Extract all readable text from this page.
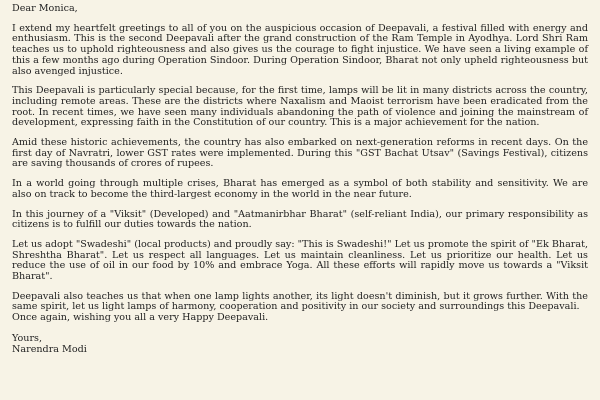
Dear Monica,

I extend my heartfelt greetings to all of you on the auspicious occasion of Deepavali, a festival filled with energy and enthusiasm. This is the second Deepavali after the grand construction of the Ram Temple in Ayodhya. Lord Shri Ram teaches us to uphold righteousness and also gives us the courage to fight injustice. We have seen a living example of this a few months ago during Operation Sindoor. During Operation Sindoor, Bharat not only upheld righteousness but also avenged injustice.

This Deepavali is particularly special because, for the first time, lamps will be lit in many districts across the country, including remote areas. These are the districts where Naxalism and Maoist terrorism have been eradicated from the root. In recent times, we have seen many individuals abandoning the path of violence and joining the mainstream of development, expressing faith in the Constitution of our country. This is a major achievement for the nation.

Amid these historic achievements, the country has also embarked on next-generation reforms in recent days. On the first day of Navratri, lower GST rates were implemented. During this "GST Bachat Utsav" (Savings Festival), citizens are saving thousands of crores of rupees.

In a world going through multiple crises, Bharat has emerged as a symbol of both stability and sensitivity. We are also on track to become the third-largest economy in the world in the near future.

In this journey of a "Viksit" (Developed) and "Aatmanirbhar Bharat" (self-reliant India), our primary responsibility as citizens is to fulfill our duties towards the nation.

Let us adopt "Swadeshi" (local products) and proudly say: "This is Swadeshi!" Let us promote the spirit of "Ek Bharat, Shreshtha Bharat". Let us respect all languages. Let us maintain cleanliness. Let us prioritize our health. Let us reduce the use of oil in our food by 10% and embrace Yoga. All these efforts will rapidly move us towards a "Viksit Bharat".

Deepavali also teaches us that when one lamp lights another, its light doesn't diminish, but it grows further. With the same spirit, let us light lamps of harmony, cooperation and positivity in our society and surroundings this Deepavali.

Once again, wishing you all a very Happy Deepavali.

Yours,

Narendra Modi
